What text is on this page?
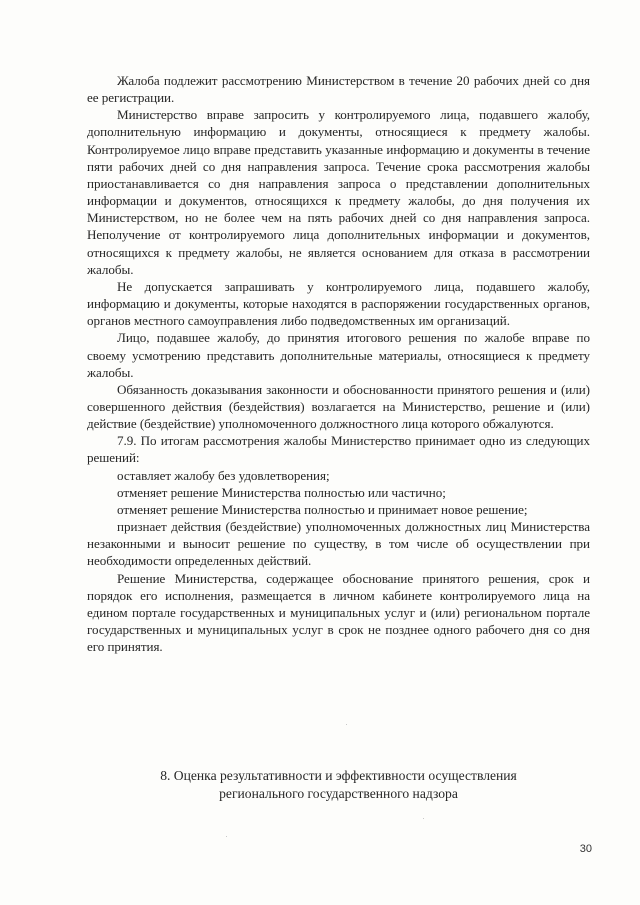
Жалоба подлежит рассмотрению Министерством в течение 20 рабочих дней со дня ее регистрации.

Министерство вправе запросить у контролируемого лица, подавшего жалобу, дополнительную информацию и документы, относящиеся к предмету жалобы. Контролируемое лицо вправе представить указанные информацию и документы в течение пяти рабочих дней со дня направления запроса. Течение срока рассмотрения жалобы приостанавливается со дня направления запроса о представлении дополнительных информации и документов, относящихся к предмету жалобы, до дня получения их Министерством, но не более чем на пять рабочих дней со дня направления запроса. Неполучение от контролируемого лица дополнительных информации и документов, относящихся к предмету жалобы, не является основанием для отказа в рассмотрении жалобы.

Не допускается запрашивать у контролируемого лица, подавшего жалобу, информацию и документы, которые находятся в распоряжении государственных органов, органов местного самоуправления либо подведомственных им организаций.

Лицо, подавшее жалобу, до принятия итогового решения по жалобе вправе по своему усмотрению представить дополнительные материалы, относящиеся к предмету жалобы.

Обязанность доказывания законности и обоснованности принятого решения и (или) совершенного действия (бездействия) возлагается на Министерство, решение и (или) действие (бездействие) уполномоченного должностного лица которого обжалуются.

7.9. По итогам рассмотрения жалобы Министерство принимает одно из следующих решений:

оставляет жалобу без удовлетворения;

отменяет решение Министерства полностью или частично;

отменяет решение Министерства полностью и принимает новое решение;

признает действия (бездействие) уполномоченных должностных лиц Министерства незаконными и выносит решение по существу, в том числе об осуществлении при необходимости определенных действий.

Решение Министерства, содержащее обоснование принятого решения, срок и порядок его исполнения, размещается в личном кабинете контролируемого лица на едином портале государственных и муниципальных услуг и (или) региональном портале государственных и муниципальных услуг в срок не позднее одного рабочего дня со дня его принятия.

8. Оценка результативности и эффективности осуществления
регионального государственного надзора
30
